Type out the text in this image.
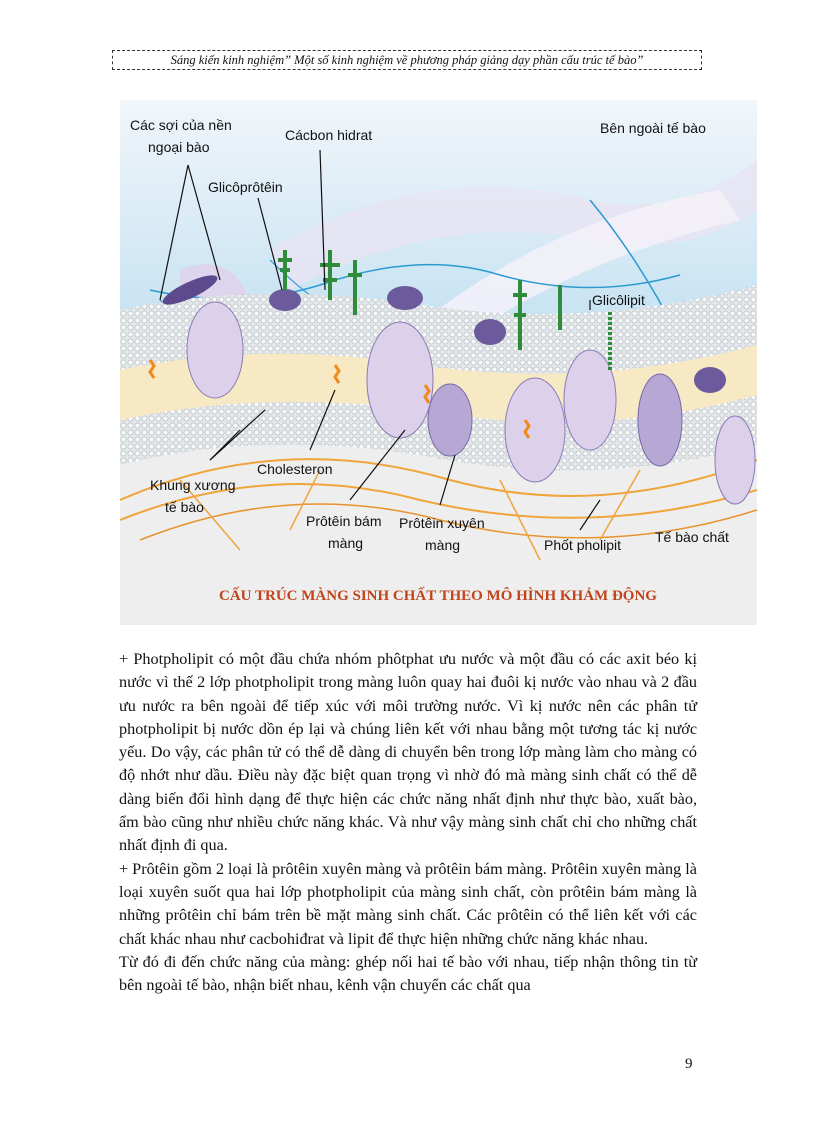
Sáng kiến kinh nghiệm” Một số kinh nghiệm về phương pháp giảng dạy phần cấu trúc tế bào”
Các sợi của nền
ngoại bào
Cácbon hidrat	Bên ngoài tế bào
Glicôprôtêin
Glicôlipit
Khung xương
tế bào
Cholesteron
Prôtêin bám
màng
Prôtêin xuyên
màng	Phốt pholipit Tế bào chất
CẤU TRÚC MÀNG SINH CHẤT THEO MÔ HÌNH KHẢM ĐỘNG

+ Photpholipit có một đầu chứa nhóm phôtphat ưu nước và một đầu có các axit béo kị nước vì thế 2 lớp photpholipit trong màng luôn quay hai đuôi kị nước vào nhau và 2 đầu ưu nước ra bên ngoài để tiếp xúc với môi trường nước. Vì kị nước nên các phân tử photpholipit bị nước dồn ép lại và chúng liên kết với nhau bằng một tương tác kị nước yếu. Do vậy, các phân tử có thể dễ dàng di chuyển bên trong lớp màng làm cho màng có độ nhớt như dầu. Điều này đặc biệt quan trọng vì nhờ đó mà màng sinh chất có thể dễ dàng biến đổi hình dạng để thực hiện các chức năng nhất định như thực bào, xuất bào, ẩm bào cũng như nhiều chức năng khác. Và như vậy màng sinh chất chỉ cho những chất nhất định đi qua.

+ Prôtêin gồm 2 loại là prôtêin xuyên màng và prôtêin bám màng. Prôtêin xuyên màng là loại xuyên suốt qua hai lớp photpholipit của màng sinh chất, còn prôtêin bám màng là những prôtêin chỉ bám trên bề mặt màng sinh chất. Các prôtêin có thể liên kết với các chất khác nhau như cacbohiđrat và lipit để thực hiện những chức năng khác nhau.

Từ đó đi đến chức năng của màng: ghép nối hai tế bào với nhau, tiếp nhận thông tin từ bên ngoài tế bào, nhận biết nhau, kênh vận chuyển các chất qua

9
